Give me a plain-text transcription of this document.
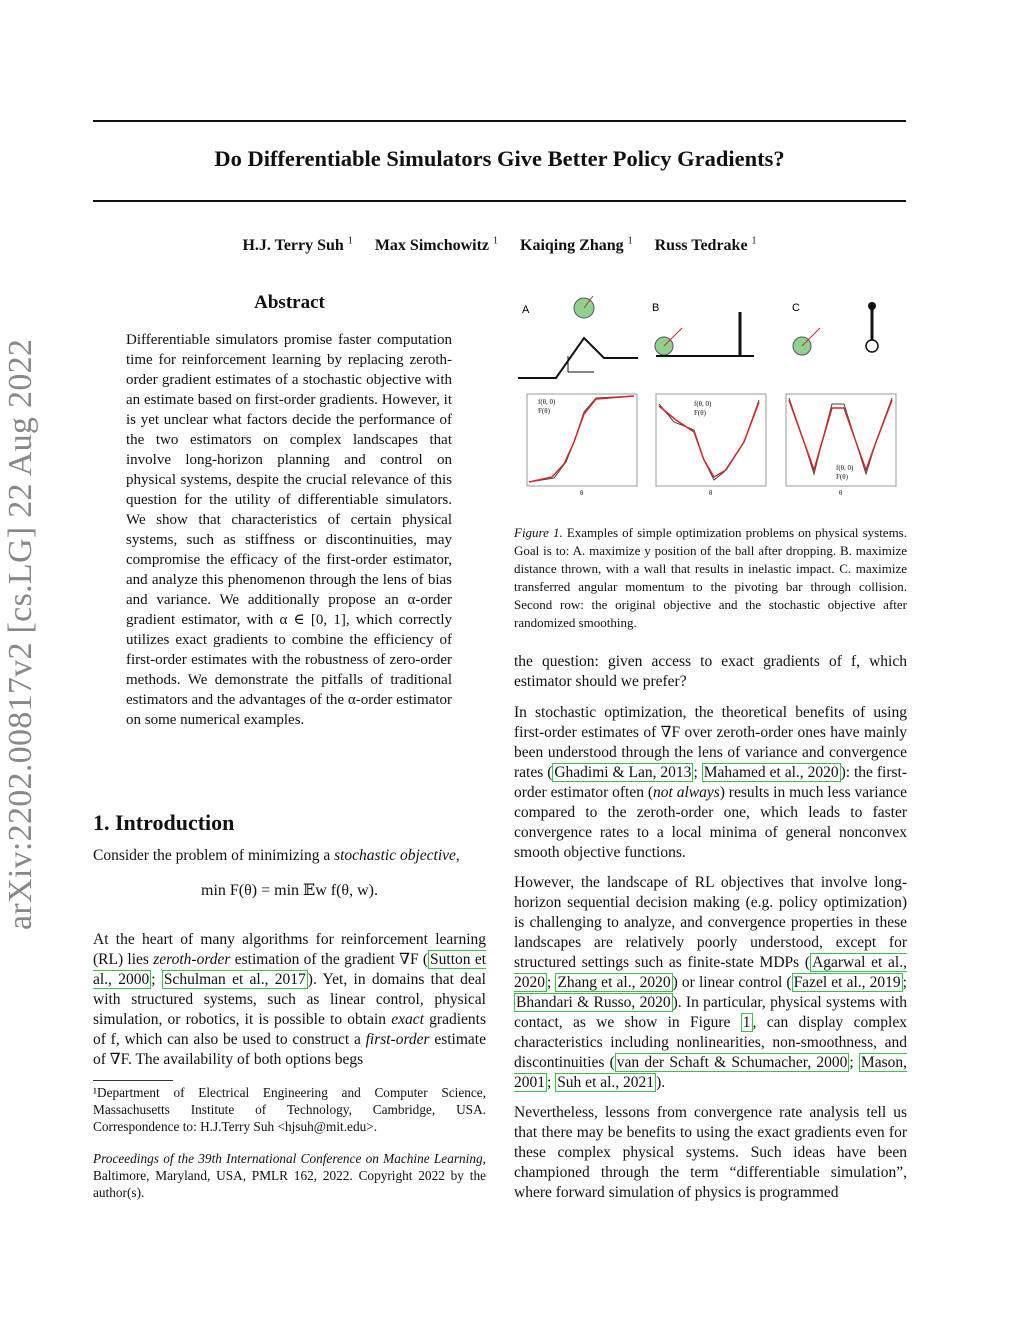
Do Differentiable Simulators Give Better Policy Gradients?
H.J. Terry Suh $^1$ Max Simchowitz $^1$ Kaiqing Zhang $^1$ Russ Tedrake $^1$
arXiv:2202.00817v2 [cs.LG] 22 Aug 2022
Abstract
Differentiable simulators promise faster computation time for reinforcement learning by replacing zeroth-order gradient estimates of a stochastic objective with an estimate based on first-order gradients. However, it is yet unclear what factors decide the performance of the two estimators on complex landscapes that involve long-horizon planning and control on physical systems, despite the crucial relevance of this question for the utility of differentiable simulators. We show that characteristics of certain physical systems, such as stiffness or discontinuities, may compromise the efficacy of the first-order estimator, and analyze this phenomenon through the lens of bias and variance. We additionally propose an α-order gradient estimator, with α ∈ [0, 1], which correctly utilizes exact gradients to combine the efficiency of first-order estimates with the robustness of zero-order methods. We demonstrate the pitfalls of traditional estimators and the advantages of the α-order estimator on some numerical examples.
1. Introduction
Consider the problem of minimizing a stochastic objective,
min F(θ) = min 𝔼w f(θ, w).
At the heart of many algorithms for reinforcement learning (RL) lies zeroth-order estimation of the gradient ∇F ( Sutton et al., 2000 ; Schulman et al., 2017 ). Yet, in domains that deal with structured systems, such as linear control, physical simulation, or robotics, it is possible to obtain exact gradients of f, which can also be used to construct a first-order estimate of ∇F. The availability of both options begs
¹Department of Electrical Engineering and Computer Science, Massachusetts Institute of Technology, Cambridge, USA. Correspondence to: H.J.Terry Suh <hjsuh@mit.edu>.
Proceedings of the 39th International Conference on Machine Learning, Baltimore, Maryland, USA, PMLR 162, 2022. Copyright 2022 by the author(s).
A	B	C
f(θ, 0)
F(θ)
f(θ, 0)
F(θ)
f(θ, 0)
F(θ)
θ	θ	θ
Figure 1. Examples of simple optimization problems on physical systems. Goal is to: A. maximize y position of the ball after dropping. B. maximize distance thrown, with a wall that results in inelastic impact. C. maximize transferred angular momentum to the pivoting bar through collision. Second row: the original objective and the stochastic objective after randomized smoothing.
the question: given access to exact gradients of f, which estimator should we prefer?
In stochastic optimization, the theoretical benefits of using first-order estimates of ∇F over zeroth-order ones have mainly been understood through the lens of variance and convergence rates ( Ghadimi & Lan, 2013 ; Mahamed et al., 2020 ): the first-order estimator often (not always) results in much less variance compared to the zeroth-order one, which leads to faster convergence rates to a local minima of general nonconvex smooth objective functions.
However, the landscape of RL objectives that involve long-horizon sequential decision making (e.g. policy optimization) is challenging to analyze, and convergence properties in these landscapes are relatively poorly understood, except for structured settings such as finite-state MDPs ( Agarwal et al., 2020 ; Zhang et al., 2020 ) or linear control ( Fazel et al., 2019 ; Bhandari & Russo, 2020 ). In particular, physical systems with contact, as we show in Figure 1 , can display complex characteristics including nonlinearities, non-smoothness, and discontinuities ( van der Schaft & Schumacher, 2000 ; Mason, 2001 ; Suh et al., 2021 ).
Nevertheless, lessons from convergence rate analysis tell us that there may be benefits to using the exact gradients even for these complex physical systems. Such ideas have been championed through the term “differentiable simulation”, where forward simulation of physics is programmed
